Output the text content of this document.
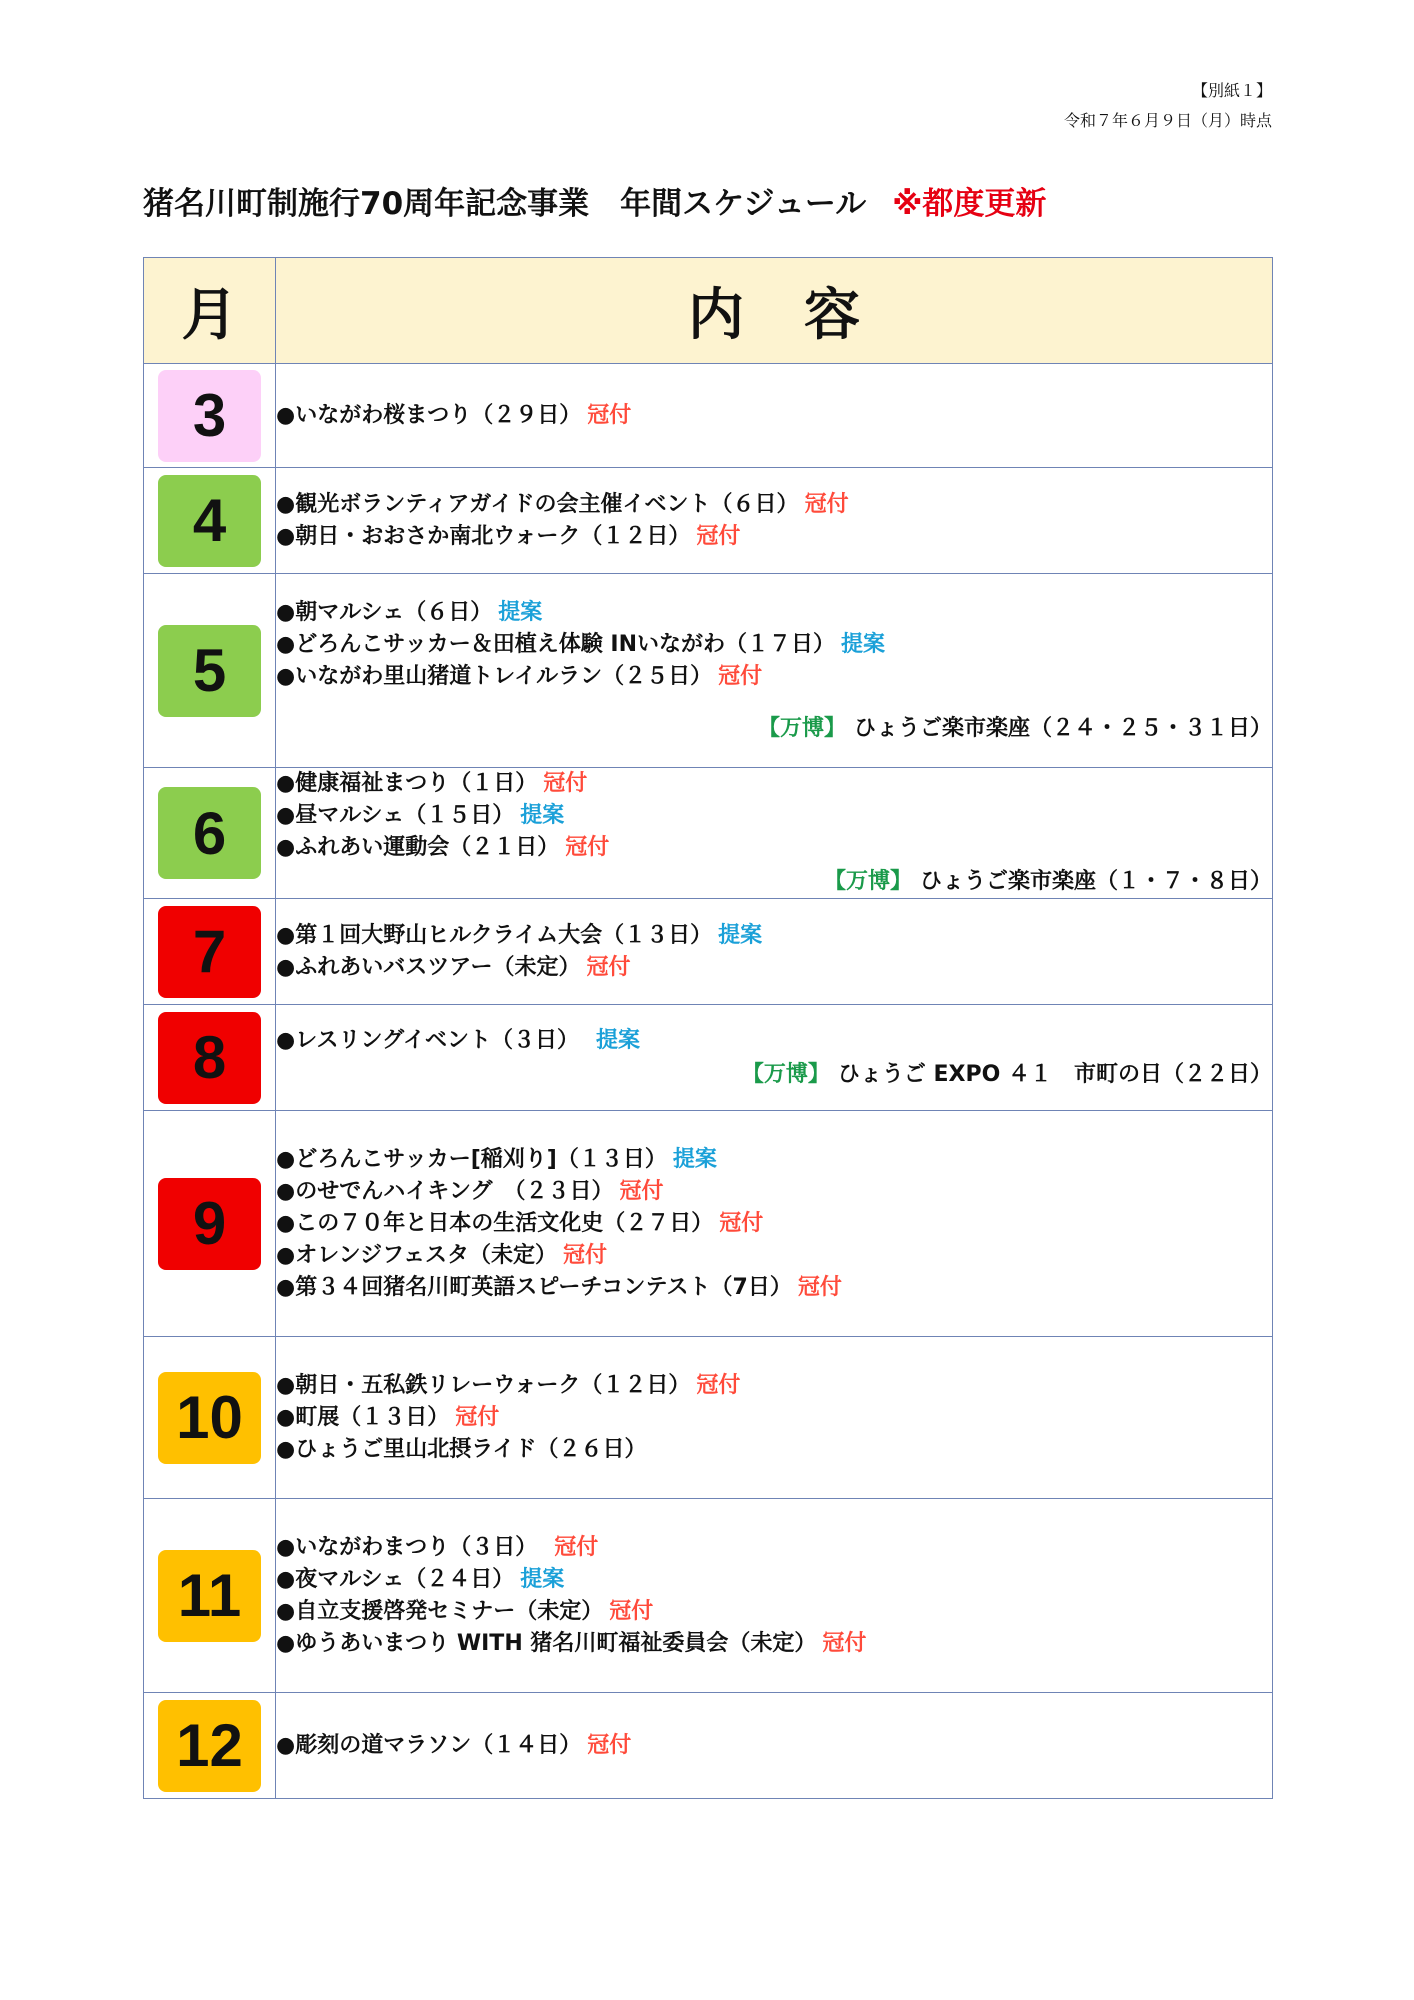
【別紙１】
令和７年６月９日（月）時点
猪名川町制施行70周年記念事業　年間スケジュール ※都度更新
月	内容

3	●いながわ桜まつり（２９日） 冠付

4	●観光ボランティアガイドの会主催イベント（６日） 冠付
●朝日・おおさか南北ウォーク（１２日） 冠付

5	●朝マルシェ（６日） 提案
●どろんこサッカー＆田植え体験 INいながわ（１７日） 提案
●いながわ里山猪道トレイルラン（２５日） 冠付
【万博】 ひょうご楽市楽座（２４・２５・３１日）

6	●健康福祉まつり（１日） 冠付
●昼マルシェ（１５日） 提案
●ふれあい運動会（２１日） 冠付
【万博】 ひょうご楽市楽座（１・７・８日）

7	●第１回大野山ヒルクライム大会（１３日） 提案
●ふれあいバスツアー（未定） 冠付

8	●レスリングイベント（３日）　提案
【万博】 ひょうご EXPO ４１　市町の日（２２日）

9	●どろんこサッカー[稲刈り]（１３日） 提案
●のせでんハイキング　（２３日） 冠付
●この７０年と日本の生活文化史（２７日） 冠付
●オレンジフェスタ（未定） 冠付
●第３４回猪名川町英語スピーチコンテスト（7日） 冠付

10	●朝日・五私鉄リレーウォーク（１２日） 冠付
●町展（１３日） 冠付
●ひょうご里山北摂ライド（２６日）

11	●いながわまつり（３日）　冠付
●夜マルシェ（２４日） 提案
●自立支援啓発セミナー（未定） 冠付
●ゆうあいまつり WITH 猪名川町福祉委員会（未定） 冠付

12	●彫刻の道マラソン（１４日） 冠付
